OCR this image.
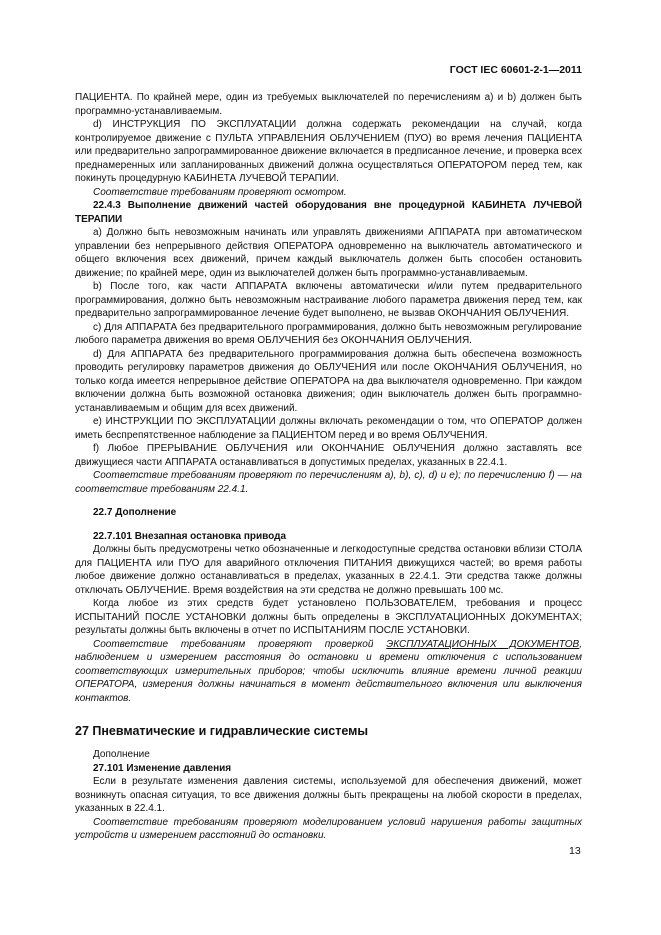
ГОСТ IEC 60601-2-1—2011

ПАЦИЕНТА. По крайней мере, один из требуемых выключателей по перечислениям a) и b) должен быть программно-устанавливаемым.

d) ИНСТРУКЦИЯ ПО ЭКСПЛУАТАЦИИ должна содержать рекомендации на случай, когда контролируемое движение с ПУЛЬТА УПРАВЛЕНИЯ ОБЛУЧЕНИЕМ (ПУО) во время лечения ПАЦИЕНТА или предварительно запрограммированное движение включается в предписанное лечение, и проверка всех преднамеренных или запланированных движений должна осуществляться ОПЕРАТОРОМ перед тем, как покинуть процедурную КАБИНЕТА ЛУЧЕВОЙ ТЕРАПИИ.

Соответствие требованиям проверяют осмотром.

22.4.3 Выполнение движений частей оборудования вне процедурной КАБИНЕТА ЛУЧЕВОЙ ТЕРАПИИ

a) Должно быть невозможным начинать или управлять движениями АППАРАТА при автоматическом управлении без непрерывного действия ОПЕРАТОРА одновременно на выключатель автоматического и общего включения всех движений, причем каждый выключатель должен быть способен остановить движение; по крайней мере, один из выключателей должен быть программно-устанавливаемым.

b) После того, как части АППАРАТА включены автоматически и/или путем предварительного программирования, должно быть невозможным настраивание любого параметра движения перед тем, как предварительно запрограммированное лечение будет выполнено, не вызвав ОКОНЧАНИЯ ОБЛУЧЕНИЯ.

c) Для АППАРАТА без предварительного программирования, должно быть невозможным регулирование любого параметра движения во время ОБЛУЧЕНИЯ без ОКОНЧАНИЯ ОБЛУЧЕНИЯ.

d) Для АППАРАТА без предварительного программирования должна быть обеспечена возможность проводить регулировку параметров движения до ОБЛУЧЕНИЯ или после ОКОНЧАНИЯ ОБЛУЧЕНИЯ, но только когда имеется непрерывное действие ОПЕРАТОРА на два выключателя одновременно. При каждом включении должна быть возможной остановка движения; один выключатель должен быть программно-устанавливаемым и общим для всех движений.

e) ИНСТРУКЦИИ ПО ЭКСПЛУАТАЦИИ должны включать рекомендации о том, что ОПЕРАТОР должен иметь беспрепятственное наблюдение за ПАЦИЕНТОМ перед и во время ОБЛУЧЕНИЯ.

f) Любое ПРЕРЫВАНИЕ ОБЛУЧЕНИЯ или ОКОНЧАНИЕ ОБЛУЧЕНИЯ должно заставлять все движущиеся части АППАРАТА останавливаться в допустимых пределах, указанных в 22.4.1.

Соответствие требованиям проверяют по перечислениям a), b), c), d) и e); по перечислению f) — на соответствие требованиям 22.4.1.

22.7 Дополнение

22.7.101 Внезапная остановка привода

Должны быть предусмотрены четко обозначенные и легкодоступные средства остановки вблизи СТОЛА для ПАЦИЕНТА или ПУО для аварийного отключения ПИТАНИЯ движущихся частей; во время работы любое движение должно останавливаться в пределах, указанных в 22.4.1. Эти средства также должны отключать ОБЛУЧЕНИЕ. Время воздействия на эти средства не должно превышать 100 мс.

Когда любое из этих средств будет установлено ПОЛЬЗОВАТЕЛЕМ, требования и процесс ИСПЫТАНИЙ ПОСЛЕ УСТАНОВКИ должны быть определены в ЭКСПЛУАТАЦИОННЫХ ДОКУМЕНТАХ; результаты должны быть включены в отчет по ИСПЫТАНИЯМ ПОСЛЕ УСТАНОВКИ.

Соответствие требованиям проверяют проверкой ЭКСПЛУАТАЦИОННЫХ ДОКУМЕНТОВ, наблюдением и измерением расстояния до остановки и времени отключения с использованием соответствующих измерительных приборов; чтобы исключить влияние времени личной реакции ОПЕРАТОРА, измерения должны начинаться в момент действительного включения или выключения контактов.

27 Пневматические и гидравлические системы

Дополнение

27.101 Изменение давления

Если в результате изменения давления системы, используемой для обеспечения движений, может возникнуть опасная ситуация, то все движения должны быть прекращены на любой скорости в пределах, указанных в 22.4.1.

Соответствие требованиям проверяют моделированием условий нарушения работы защитных устройств и измерением расстояний до остановки.

13
